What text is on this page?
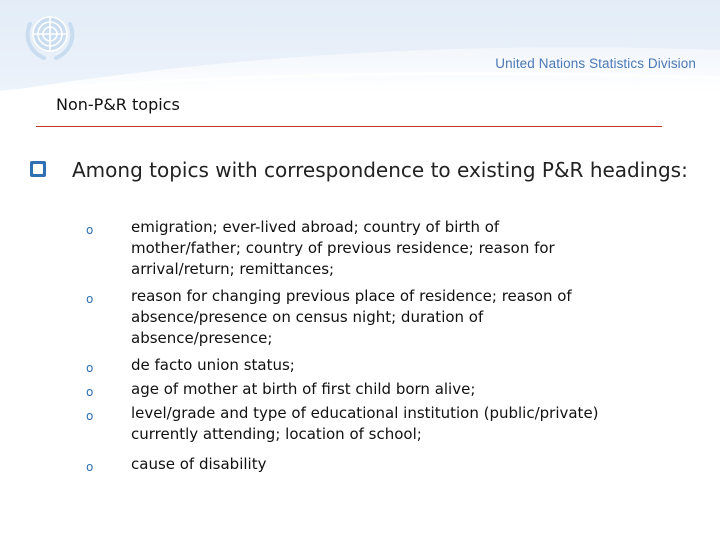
United Nations Statistics Division
Non-P&R topics

Among topics with correspondence to existing P&R headings:

o	emigration; ever-lived abroad; country of birth of
mother/father; country of previous residence; reason for
arrival/return; remittances;

o	reason for changing previous place of residence; reason of
absence/presence on census night; duration of
absence/presence;

o	de facto union status;

o	age of mother at birth of first child born alive;

o	level/grade and type of educational institution (public/private)
currently attending; location of school;

o	cause of disability
